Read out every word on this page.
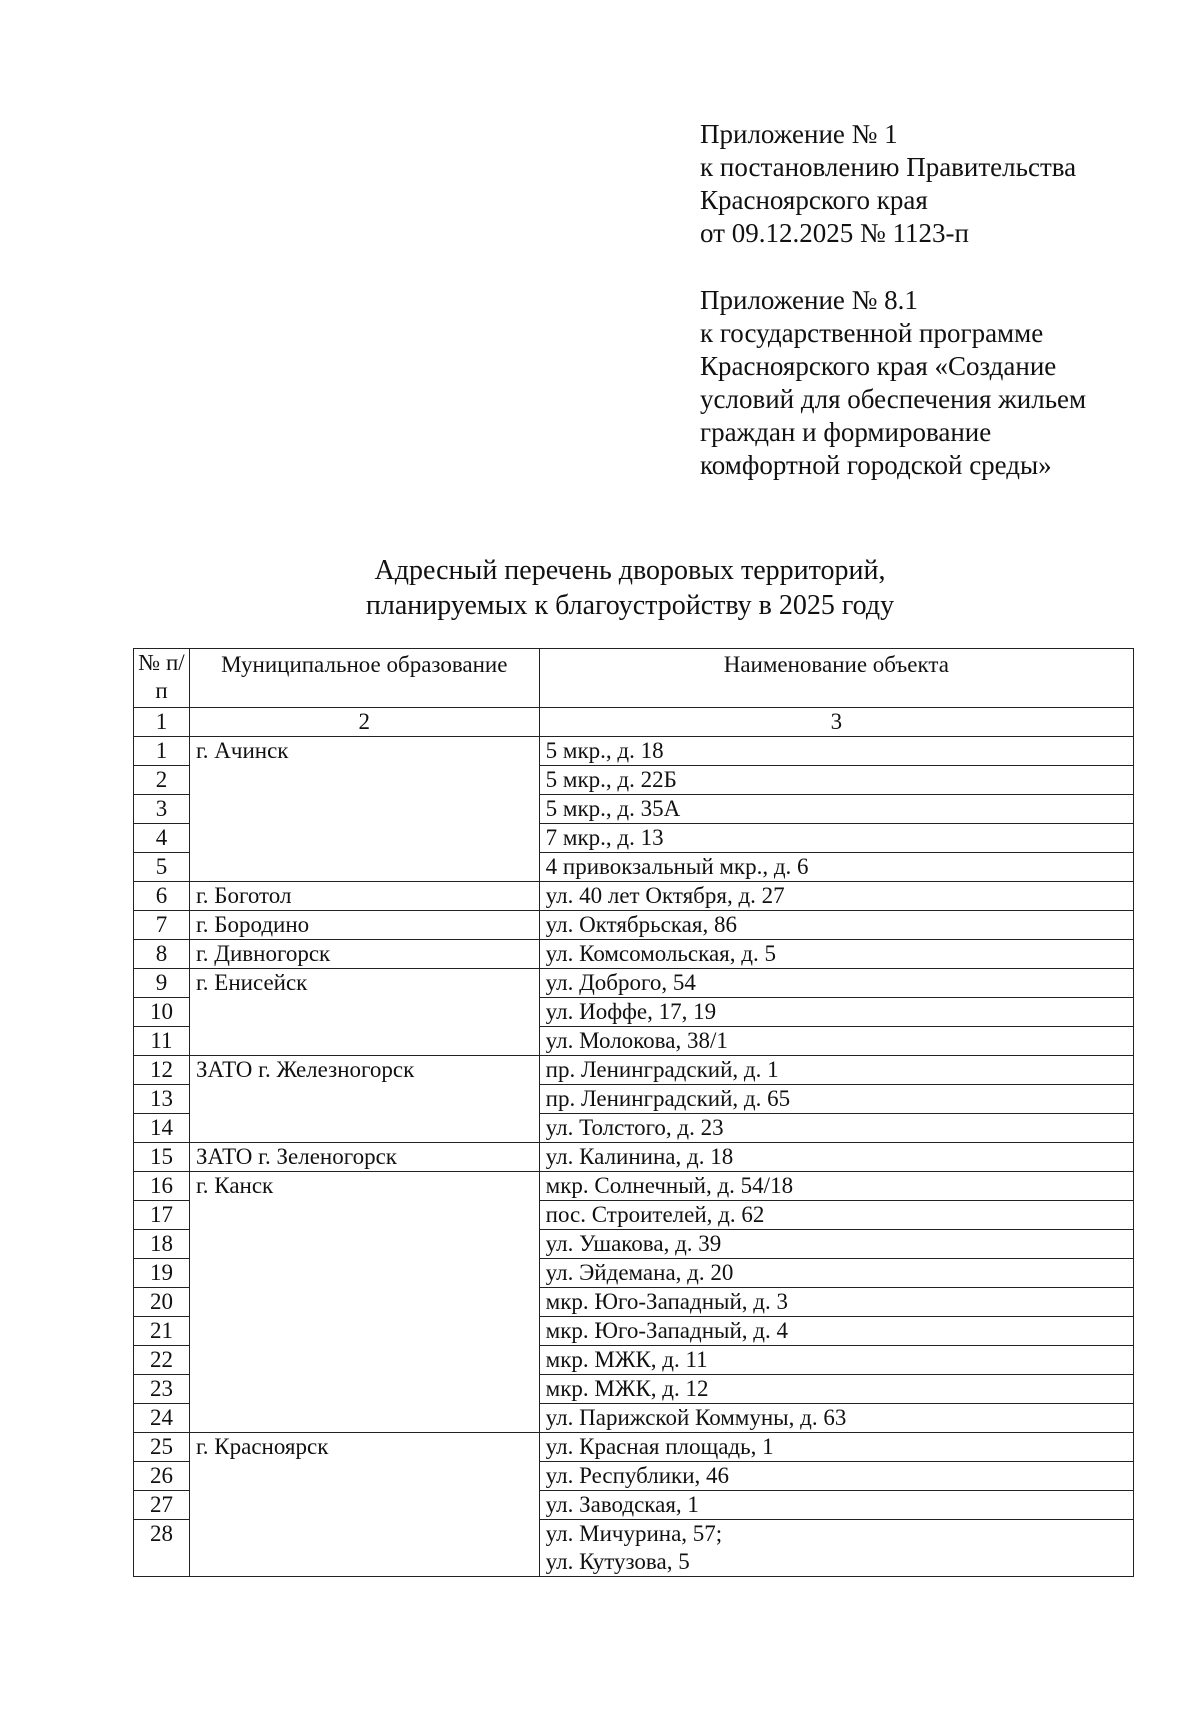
Приложение № 1
к постановлению Правительства
Красноярского края
от 09.12.2025 № 1123-п
Приложение № 8.1
к государственной программе
Красноярского края «Создание
условий для обеспечения жильем
граждан и формирование
комфортной городской среды»
Адресный перечень дворовых территорий,
планируемых к благоустройству в 2025 году
№ п/п	Муниципальное образование	Наименование объекта
1	2	3
1	г. Ачинск	5 мкр., д. 18

2		5 мкр., д. 22Б

3		5 мкр., д. 35А

4		7 мкр., д. 13

5		4 привокзальный мкр., д. 6

6	г. Боготол	ул. 40 лет Октября, д. 27

7	г. Бородино	ул. Октябрьская, 86

8	г. Дивногорск	ул. Комсомольская, д. 5

9	г. Енисейск	ул. Доброго, 54

10		ул. Иоффе, 17, 19

11		ул. Молокова, 38/1

12	ЗАТО г. Железногорск	пр. Ленинградский, д. 1

13		пр. Ленинградский, д. 65

14		ул. Толстого, д. 23

15	ЗАТО г. Зеленогорск	ул. Калинина, д. 18

16	г. Канск	мкр. Солнечный, д. 54/18

17		пос. Строителей, д. 62

18		ул. Ушакова, д. 39

19		ул. Эйдемана, д. 20

20		мкр. Юго-Западный, д. 3

21		мкр. Юго-Западный, д. 4

22		мкр. МЖК, д. 11

23		мкр. МЖК, д. 12

24		ул. Парижской Коммуны, д. 63

25	г. Красноярск	ул. Красная площадь, 1

26		ул. Республики, 46

27		ул. Заводская, 1

28		ул. Мичурина, 57;
ул. Кутузова, 5
